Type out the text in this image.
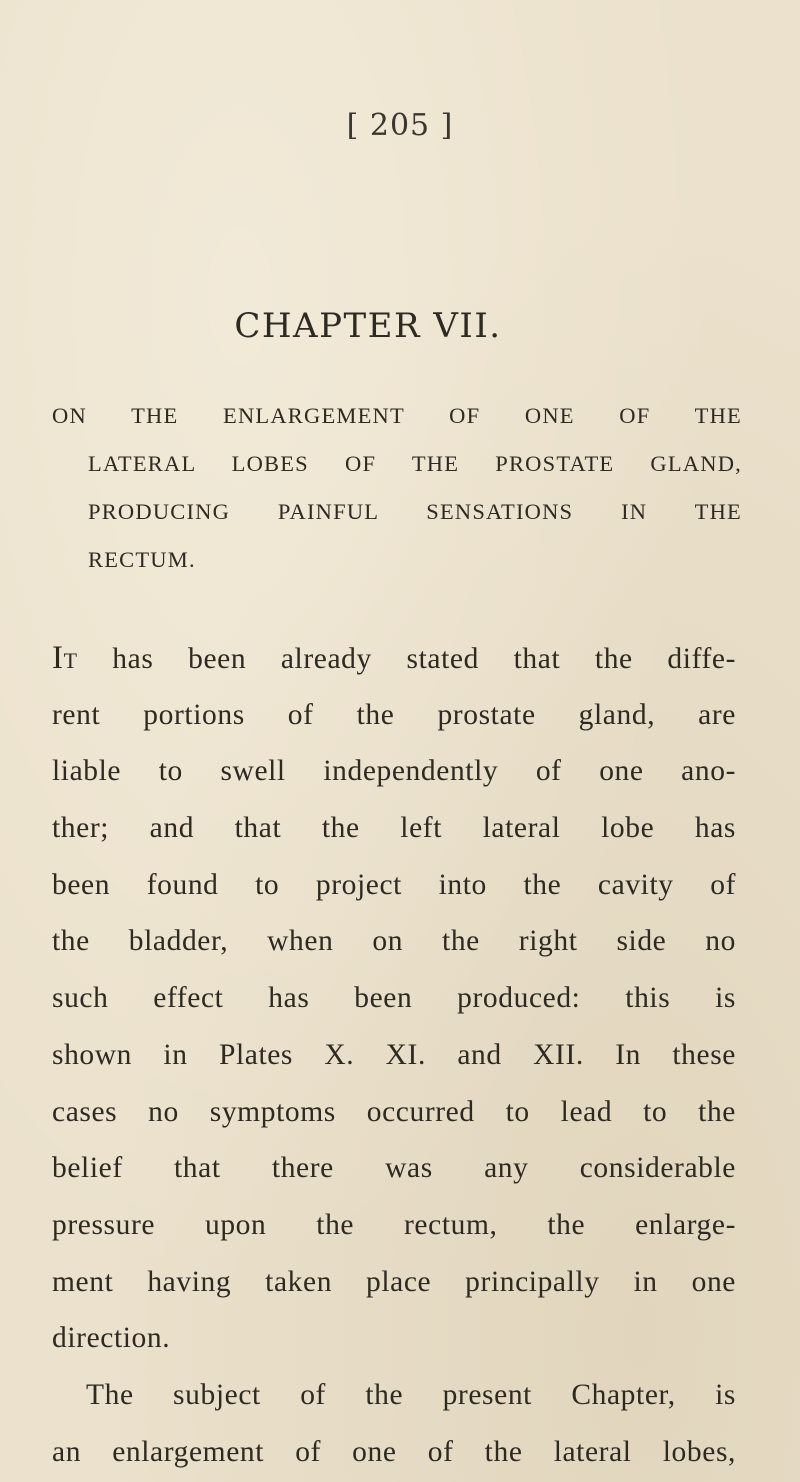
[ 205 ]
CHAPTER VII.
ON THE ENLARGEMENT OF ONE OF THE
LATERAL LOBES OF THE PROSTATE GLAND,
PRODUCING PAINFUL SENSATIONS IN THE
RECTUM.
IT has been already stated that the diffe-
rent portions of the prostate gland, are
liable to swell independently of one ano-
ther; and that the left lateral lobe has
been found to project into the cavity of
the bladder, when on the right side no
such effect has been produced: this is
shown in Plates X. XI. and XII. In these
cases no symptoms occurred to lead to the
belief that there was any considerable
pressure upon the rectum, the enlarge-
ment having taken place principally in one
direction.
The subject of the present Chapter, is
an enlargement of one of the lateral lobes,
